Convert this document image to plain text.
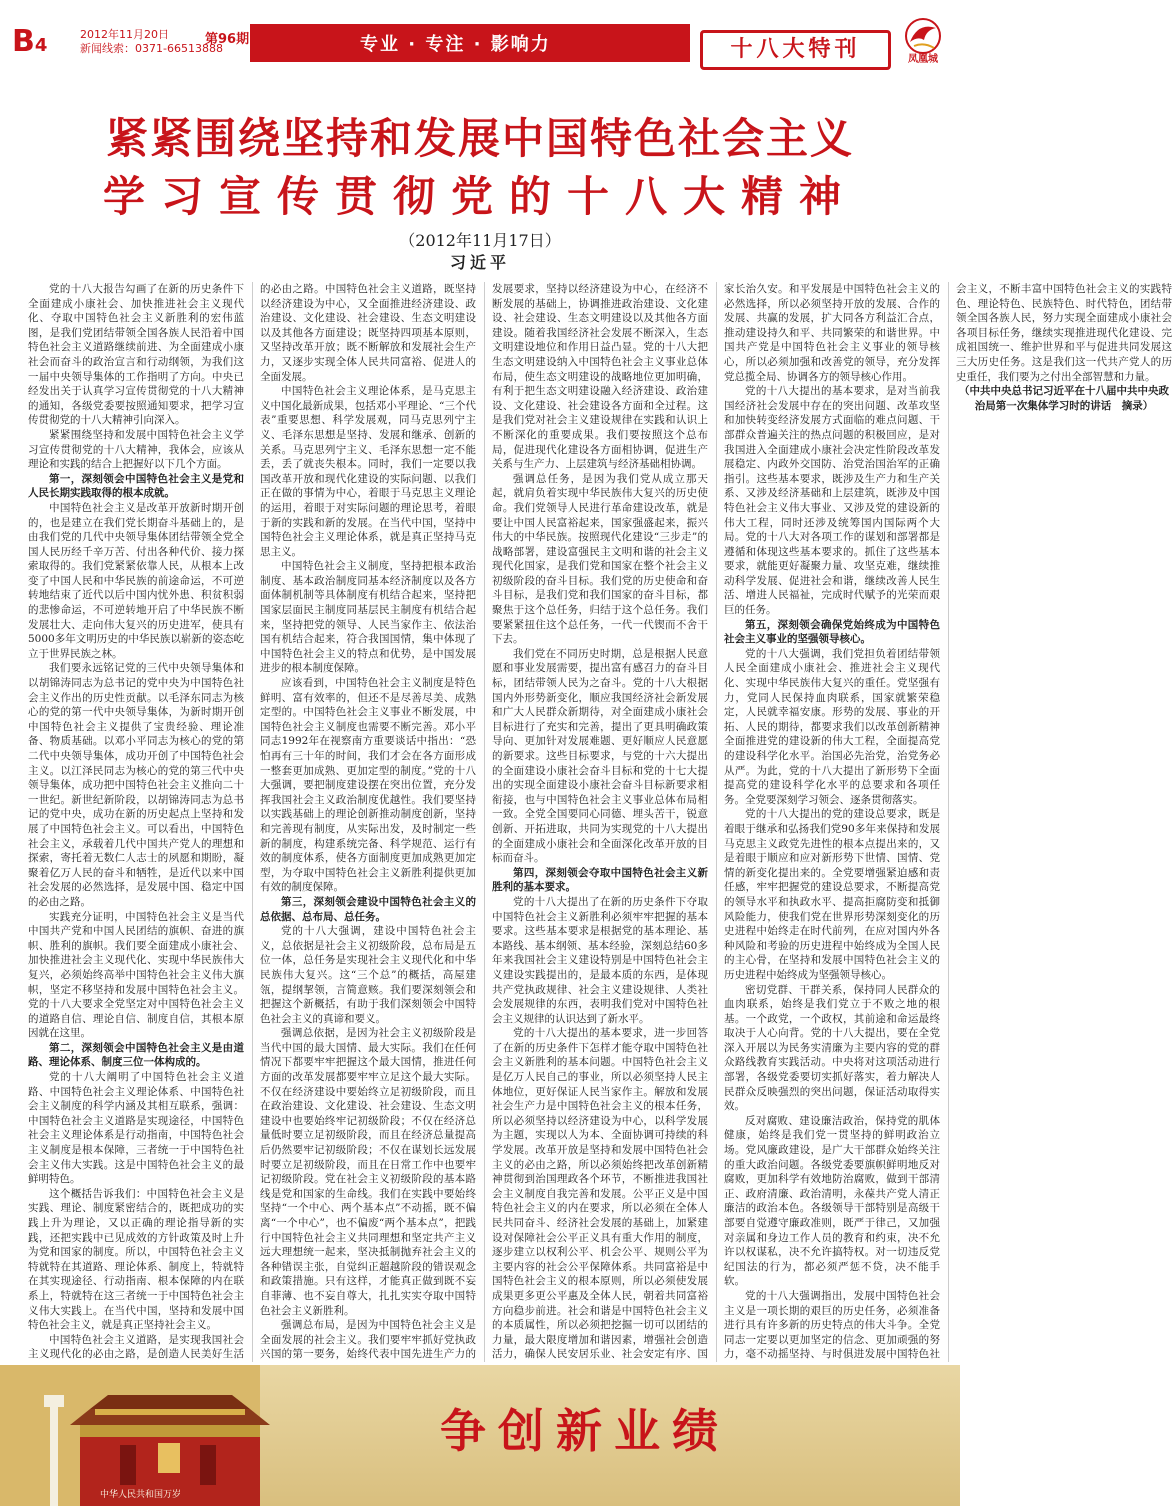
B4
2012年11月20日
新闻线索：0371-66513888
第96期	专业 · 专注 · 影响力	十八大特刊	凤凰城
紧紧围绕坚持和发展中国特色社会主义
学习宣传贯彻党的十八大精神
（2012年11月17日）
习近平

党的十八大报告勾画了在新的历史条件下全面建成小康社会、加快推进社会主义现代化、夺取中国特色社会主义新胜利的宏伟蓝图，是我们党团结带领全国各族人民沿着中国特色社会主义道路继续前进、为全面建成小康社会而奋斗的政治宣言和行动纲领，为我们这一届中央领导集体的工作指明了方向。中央已经发出关于认真学习宣传贯彻党的十八大精神的通知，各级党委要按照通知要求，把学习宣传贯彻党的十八大精神引向深入。

紧紧围绕坚持和发展中国特色社会主义学习宣传贯彻党的十八大精神，我体会，应该从理论和实践的结合上把握好以下几个方面。

第一，深刻领会中国特色社会主义是党和人民长期实践取得的根本成就。

中国特色社会主义是改革开放新时期开创的，也是建立在我们党长期奋斗基础上的，是由我们党的几代中央领导集体团结带领全党全国人民历经千辛万苦、付出各种代价、接力探索取得的。我们党紧紧依靠人民，从根本上改变了中国人民和中华民族的前途命运，不可逆转地结束了近代以后中国内忧外患、积贫积弱的悲惨命运，不可逆转地开启了中华民族不断发展壮大、走向伟大复兴的历史进军，使具有5000多年文明历史的中华民族以崭新的姿态屹立于世界民族之林。

我们要永远铭记党的三代中央领导集体和以胡锦涛同志为总书记的党中央为中国特色社会主义作出的历史性贡献。以毛泽东同志为核心的党的第一代中央领导集体，为新时期开创中国特色社会主义提供了宝贵经验、理论准备、物质基础。以邓小平同志为核心的党的第二代中央领导集体，成功开创了中国特色社会主义。以江泽民同志为核心的党的第三代中央领导集体，成功把中国特色社会主义推向二十一世纪。新世纪新阶段，以胡锦涛同志为总书记的党中央，成功在新的历史起点上坚持和发展了中国特色社会主义。可以看出，中国特色社会主义，承载着几代中国共产党人的理想和探索，寄托着无数仁人志士的夙愿和期盼，凝聚着亿万人民的奋斗和牺牲，是近代以来中国社会发展的必然选择，是发展中国、稳定中国的必由之路。

实践充分证明，中国特色社会主义是当代中国共产党和中国人民团结的旗帜、奋进的旗帜、胜利的旗帜。我们要全面建成小康社会、加快推进社会主义现代化、实现中华民族伟大复兴，必须始终高举中国特色社会主义伟大旗帜，坚定不移坚持和发展中国特色社会主义。党的十八大要求全党坚定对中国特色社会主义的道路自信、理论自信、制度自信，其根本原因就在这里。

第二，深刻领会中国特色社会主义是由道路、理论体系、制度三位一体构成的。

党的十八大阐明了中国特色社会主义道路、中国特色社会主义理论体系、中国特色社会主义制度的科学内涵及其相互联系，强调：中国特色社会主义道路是实现途径，中国特色社会主义理论体系是行动指南，中国特色社会主义制度是根本保障，三者统一于中国特色社会主义伟大实践。这是中国特色社会主义的最鲜明特色。

这个概括告诉我们：中国特色社会主义是实践、理论、制度紧密结合的，既把成功的实践上升为理论，又以正确的理论指导新的实践，还把实践中已见成效的方针政策及时上升为党和国家的制度。所以，中国特色社会主义特就特在其道路、理论体系、制度上，特就特在其实现途径、行动指南、根本保障的内在联系上，特就特在这三者统一于中国特色社会主义伟大实践上。在当代中国，坚持和发展中国特色社会主义，就是真正坚持社会主义。

中国特色社会主义道路，是实现我国社会主义现代化的必由之路，是创造人民美好生活的必由之路。中国特色社会主义道路，既坚持以经济建设为中心，又全面推进经济建设、政治建设、文化建设、社会建设、生态文明建设以及其他各方面建设；既坚持四项基本原则，又坚持改革开放；既不断解放和发展社会生产力，又逐步实现全体人民共同富裕、促进人的全面发展。

中国特色社会主义理论体系，是马克思主义中国化最新成果，包括邓小平理论、“三个代表”重要思想、科学发展观，同马克思列宁主义、毛泽东思想是坚持、发展和继承、创新的关系。马克思列宁主义、毛泽东思想一定不能丢，丢了就丧失根本。同时，我们一定要以我国改革开放和现代化建设的实际问题、以我们正在做的事情为中心，着眼于马克思主义理论的运用，着眼于对实际问题的理论思考，着眼于新的实践和新的发展。在当代中国，坚持中国特色社会主义理论体系，就是真正坚持马克思主义。

中国特色社会主义制度，坚持把根本政治制度、基本政治制度同基本经济制度以及各方面体制机制等具体制度有机结合起来，坚持把国家层面民主制度同基层民主制度有机结合起来，坚持把党的领导、人民当家作主、依法治国有机结合起来，符合我国国情，集中体现了中国特色社会主义的特点和优势，是中国发展进步的根本制度保障。

应该看到，中国特色社会主义制度是特色鲜明、富有效率的，但还不是尽善尽美、成熟定型的。中国特色社会主义事业不断发展，中国特色社会主义制度也需要不断完善。邓小平同志1992年在视察南方重要谈话中指出：“恐怕再有三十年的时间，我们才会在各方面形成一整套更加成熟、更加定型的制度。”党的十八大强调，要把制度建设摆在突出位置，充分发挥我国社会主义政治制度优越性。我们要坚持以实践基础上的理论创新推动制度创新，坚持和完善现有制度，从实际出发，及时制定一些新的制度，构建系统完备、科学规范、运行有效的制度体系，使各方面制度更加成熟更加定型，为夺取中国特色社会主义新胜利提供更加有效的制度保障。

第三，深刻领会建设中国特色社会主义的总依据、总布局、总任务。

党的十八大强调，建设中国特色社会主义，总依据是社会主义初级阶段，总布局是五位一体，总任务是实现社会主义现代化和中华民族伟大复兴。这“三个总”的概括，高屋建瓴，提纲挈领，言简意赅。我们要深刻领会和把握这个新概括，有助于我们深刻领会中国特色社会主义的真谛和要义。

强调总依据，是因为社会主义初级阶段是当代中国的最大国情、最大实际。我们在任何情况下都要牢牢把握这个最大国情，推进任何方面的改革发展都要牢牢立足这个最大实际。不仅在经济建设中要始终立足初级阶段，而且在政治建设、文化建设、社会建设、生态文明建设中也要始终牢记初级阶段；不仅在经济总量低时要立足初级阶段，而且在经济总量提高后仍然要牢记初级阶段；不仅在谋划长远发展时要立足初级阶段，而且在日常工作中也要牢记初级阶段。党在社会主义初级阶段的基本路线是党和国家的生命线。我们在实践中要始终坚持“一个中心、两个基本点”不动摇，既不偏离“一个中心”，也不偏废“两个基本点”，把践行中国特色社会主义共同理想和坚定共产主义远大理想统一起来，坚决抵制抛弃社会主义的各种错误主张，自觉纠正超越阶段的错误观念和政策措施。只有这样，才能真正做到既不妄自菲薄、也不妄自尊大，扎扎实实夺取中国特色社会主义新胜利。

强调总布局，是因为中国特色社会主义是全面发展的社会主义。我们要牢牢抓好党执政兴国的第一要务，始终代表中国先进生产力的发展要求，坚持以经济建设为中心，在经济不断发展的基础上，协调推进政治建设、文化建设、社会建设、生态文明建设以及其他各方面建设。随着我国经济社会发展不断深入，生态文明建设地位和作用日益凸显。党的十八大把生态文明建设纳入中国特色社会主义事业总体布局，使生态文明建设的战略地位更加明确，有利于把生态文明建设融入经济建设、政治建设、文化建设、社会建设各方面和全过程。这是我们党对社会主义建设规律在实践和认识上不断深化的重要成果。我们要按照这个总布局，促进现代化建设各方面相协调，促进生产关系与生产力、上层建筑与经济基础相协调。

强调总任务，是因为我们党从成立那天起，就肩负着实现中华民族伟大复兴的历史使命。我们党领导人民进行革命建设改革，就是要让中国人民富裕起来，国家强盛起来，振兴伟大的中华民族。按照现代化建设“三步走”的战略部署，建设富强民主文明和谐的社会主义现代化国家，是我们党和国家在整个社会主义初级阶段的奋斗目标。我们党的历史使命和奋斗目标，是我们党和我们国家的奋斗目标，都聚焦于这个总任务，归结于这个总任务。我们要紧紧扭住这个总任务，一代一代锲而不舍干下去。

我们党在不同历史时期，总是根据人民意愿和事业发展需要，提出富有感召力的奋斗目标，团结带领人民为之奋斗。党的十八大根据国内外形势新变化，顺应我国经济社会新发展和广大人民群众新期待，对全面建成小康社会目标进行了充实和完善，提出了更具明确政策导向、更加针对发展难题、更好顺应人民意愿的新要求。这些目标要求，与党的十六大提出的全面建设小康社会奋斗目标和党的十七大提出的实现全面建设小康社会奋斗目标新要求相衔接，也与中国特色社会主义事业总体布局相一致。全党全国要同心同德、埋头苦干，锐意创新、开拓进取，共同为实现党的十八大提出的全面建成小康社会和全面深化改革开放的目标而奋斗。

第四，深刻领会夺取中国特色社会主义新胜利的基本要求。

党的十八大提出了在新的历史条件下夺取中国特色社会主义新胜利必须牢牢把握的基本要求。这些基本要求是根据党的基本理论、基本路线、基本纲领、基本经验，深刻总结60多年来我国社会主义建设特别是中国特色社会主义建设实践提出的，是最本质的东西，是体现共产党执政规律、社会主义建设规律、人类社会发展规律的东西，表明我们党对中国特色社会主义规律的认识达到了新水平。

党的十八大提出的基本要求，进一步回答了在新的历史条件下怎样才能夺取中国特色社会主义新胜利的基本问题。中国特色社会主义是亿万人民自己的事业，所以必须坚持人民主体地位，更好保证人民当家作主。解放和发展社会生产力是中国特色社会主义的根本任务，所以必须坚持以经济建设为中心，以科学发展为主题，实现以人为本、全面协调可持续的科学发展。改革开放是坚持和发展中国特色社会主义的必由之路，所以必须始终把改革创新精神贯彻到治国理政各个环节，不断推进我国社会主义制度自我完善和发展。公平正义是中国特色社会主义的内在要求，所以必须在全体人民共同奋斗、经济社会发展的基础上，加紧建设对保障社会公平正义具有重大作用的制度，逐步建立以权利公平、机会公平、规则公平为主要内容的社会公平保障体系。共同富裕是中国特色社会主义的根本原则，所以必须使发展成果更多更公平惠及全体人民，朝着共同富裕方向稳步前进。社会和谐是中国特色社会主义的本质属性，所以必须把挖掘一切可以团结的力量，最大限度增加和谐因素，增强社会创造活力，确保人民安居乐业、社会安定有序、国家长治久安。和平发展是中国特色社会主义的必然选择，所以必须坚持开放的发展、合作的发展、共赢的发展，扩大同各方利益汇合点，推动建设持久和平、共同繁荣的和谐世界。中国共产党是中国特色社会主义事业的领导核心，所以必须加强和改善党的领导，充分发挥党总揽全局、协调各方的领导核心作用。

党的十八大提出的基本要求，是对当前我国经济社会发展中存在的突出问题、改革攻坚和加快转变经济发展方式面临的难点问题、干部群众普遍关注的热点问题的积极回应，是对我国进入全面建成小康社会决定性阶段改革发展稳定、内政外交国防、治党治国治军的正确指引。这些基本要求，既涉及生产力和生产关系、又涉及经济基础和上层建筑，既涉及中国特色社会主义伟大事业、又涉及党的建设新的伟大工程，同时还涉及统筹国内国际两个大局。党的十八大对各项工作的谋划和部署都是遵循和体现这些基本要求的。抓住了这些基本要求，就能更好凝聚力量、攻坚克难，继续推动科学发展、促进社会和谐，继续改善人民生活、增进人民福祉，完成时代赋予的光荣而艰巨的任务。

第五，深刻领会确保党始终成为中国特色社会主义事业的坚强领导核心。

党的十八大强调，我们党担负着团结带领人民全面建成小康社会、推进社会主义现代化、实现中华民族伟大复兴的重任。党坚强有力，党同人民保持血肉联系，国家就繁荣稳定，人民就幸福安康。形势的发展、事业的开拓、人民的期待，都要求我们以改革创新精神全面推进党的建设新的伟大工程，全面提高党的建设科学化水平。治国必先治党，治党务必从严。为此，党的十八大提出了新形势下全面提高党的建设科学化水平的总要求和各项任务。全党要深刻学习领会、逐条贯彻落实。

党的十八大提出的党的建设总要求，既是着眼于继承和弘扬我们党90多年来保持和发展马克思主义政党先进性的根本点提出来的，又是着眼于顺应和应对新形势下世情、国情、党情的新变化提出来的。全党要增强紧迫感和责任感，牢牢把握党的建设总要求，不断提高党的领导水平和执政水平、提高拒腐防变和抵御风险能力，使我们党在世界形势深刻变化的历史进程中始终走在时代前列，在应对国内外各种风险和考验的历史进程中始终成为全国人民的主心骨，在坚持和发展中国特色社会主义的历史进程中始终成为坚强领导核心。

密切党群、干群关系，保持同人民群众的血肉联系，始终是我们党立于不败之地的根基。一个政党，一个政权，其前途和命运最终取决于人心向背。党的十八大提出，要在全党深入开展以为民务实清廉为主要内容的党的群众路线教育实践活动。中央将对这项活动进行部署，各级党委要切实抓好落实，着力解决人民群众反映强烈的突出问题，保证活动取得实效。

反对腐败、建设廉洁政治，保持党的肌体健康，始终是我们党一贯坚持的鲜明政治立场。党风廉政建设，是广大干部群众始终关注的重大政治问题。各级党委要旗帜鲜明地反对腐败，更加科学有效地防治腐败，做到干部清正、政府清廉、政治清明，永葆共产党人清正廉洁的政治本色。各级领导干部特别是高级干部要自觉遵守廉政准则，既严于律己，又加强对亲属和身边工作人员的教育和约束，决不允许以权谋私，决不允许搞特权。对一切违反党纪国法的行为，都必须严惩不贷，决不能手软。

党的十八大强调指出，发展中国特色社会主义是一项长期的艰巨的历史任务，必须准备进行具有许多新的历史特点的伟大斗争。全党同志一定要以更加坚定的信念、更加顽强的努力，毫不动摇坚持、与时俱进发展中国特色社会主义，不断丰富中国特色社会主义的实践特色、理论特色、民族特色、时代特色，团结带领全国各族人民，努力实现全面建成小康社会各项目标任务，继续实现推进现代化建设、完成祖国统一、维护世界和平与促进共同发展这三大历史任务。这是我们这一代共产党人的历史重任，我们要为之付出全部智慧和力量。

（中共中央总书记习近平在十八届中共中央政治局第一次集体学习时的讲话　摘录）

中华人民共和国万岁
争创新业绩
